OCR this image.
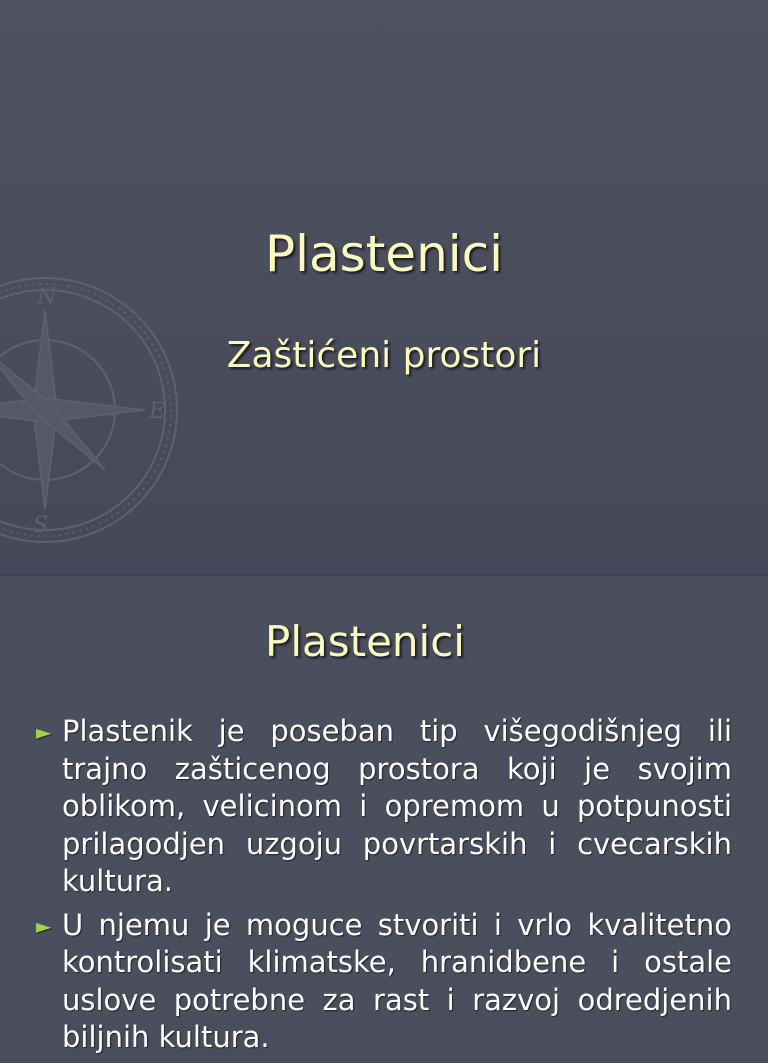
N
S
E
Plastenici
Zaštićeni prostori
Plastenici
► Plastenik je poseban tip višegodišnjeg ili trajno zašticenog prostora koji je svojim oblikom, velicinom i opremom u potpunosti prilagodjen uzgoju povrtarskih i cvecarskih kultura.
► U njemu je moguce stvoriti i vrlo kvalitetno kontrolisati klimatske, hranidbene i ostale uslove potrebne za rast i razvoj odredjenih biljnih kultura.
